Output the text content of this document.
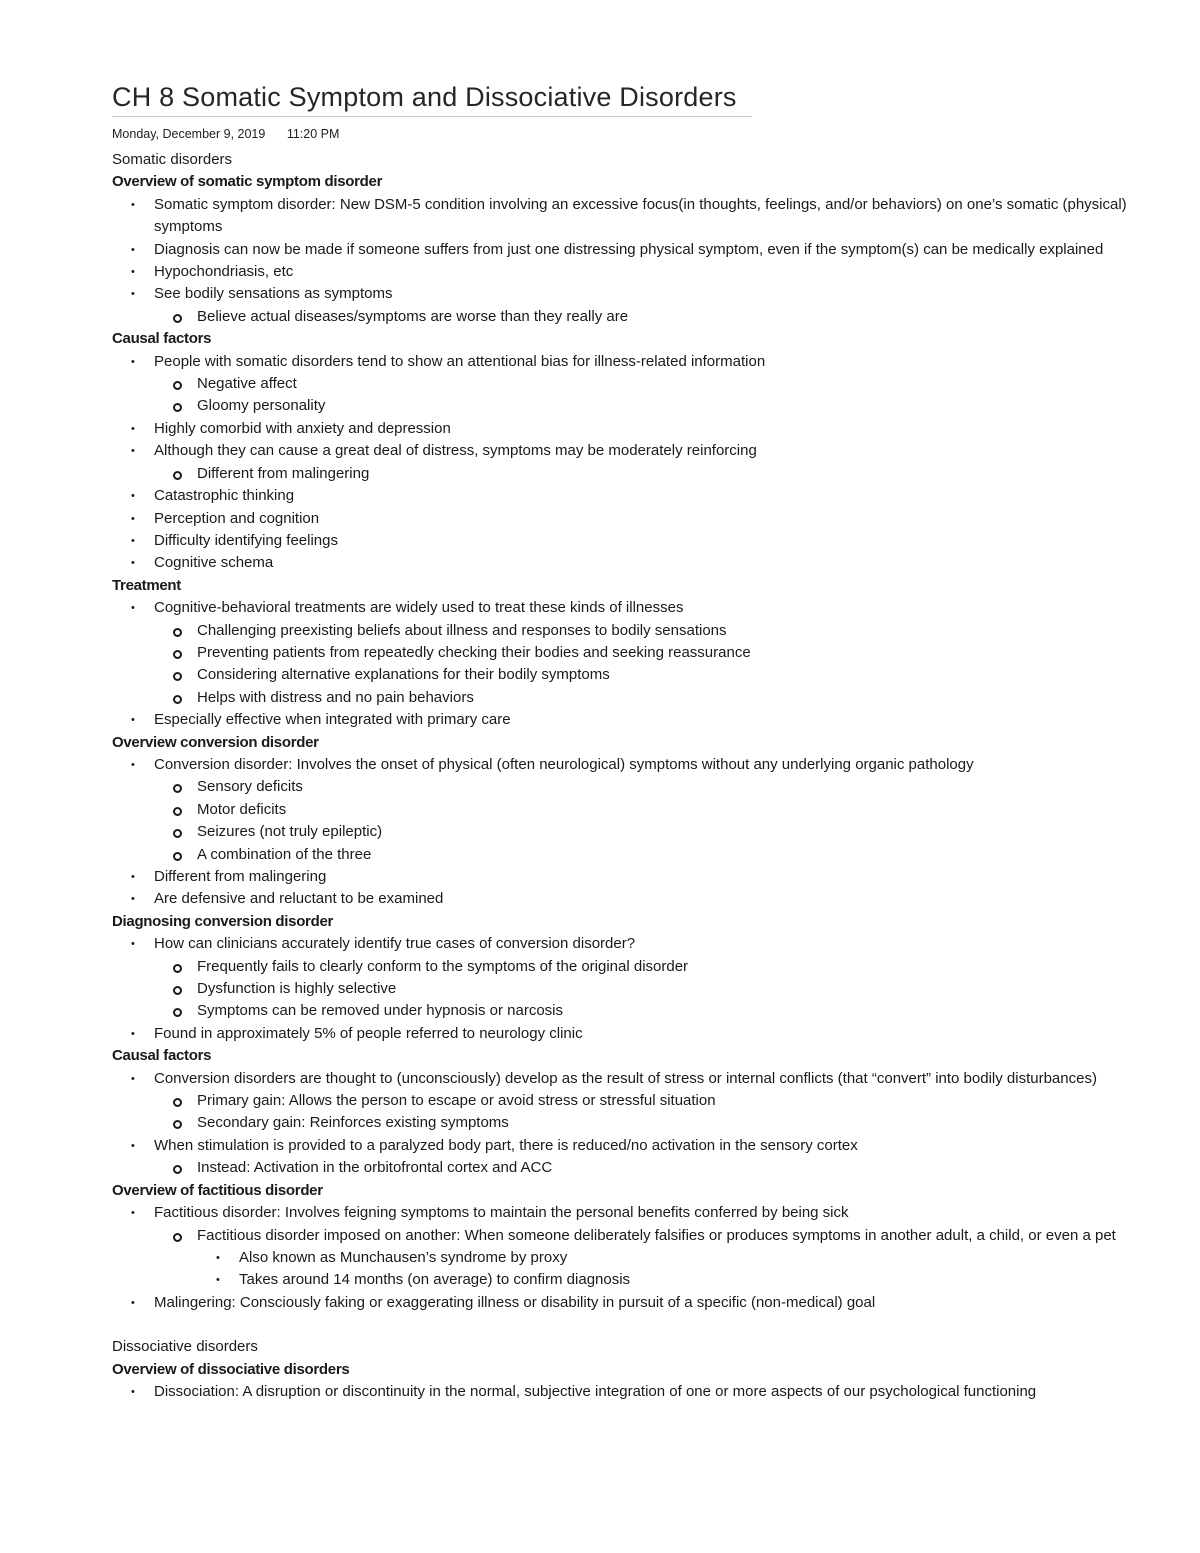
CH 8 Somatic Symptom and Dissociative Disorders
Monday, December 9, 2019 11:20 PM
Somatic disorders
Overview of somatic symptom disorder
• Somatic symptom disorder: New DSM-5 condition involving an excessive focus(in thoughts, feelings, and/or behaviors) on one’s somatic (physical) symptoms
• Diagnosis can now be made if someone suffers from just one distressing physical symptom, even if the symptom(s) can be medically explained
• Hypochondriasis, etc
• See bodily sensations as symptoms
Believe actual diseases/symptoms are worse than they really are
Causal factors
• People with somatic disorders tend to show an attentional bias for illness-related information
Negative affect
Gloomy personality
• Highly comorbid with anxiety and depression
• Although they can cause a great deal of distress, symptoms may be moderately reinforcing
Different from malingering
• Catastrophic thinking
• Perception and cognition
• Difficulty identifying feelings
• Cognitive schema
Treatment
• Cognitive-behavioral treatments are widely used to treat these kinds of illnesses
Challenging preexisting beliefs about illness and responses to bodily sensations
Preventing patients from repeatedly checking their bodies and seeking reassurance
Considering alternative explanations for their bodily symptoms
Helps with distress and no pain behaviors
• Especially effective when integrated with primary care
Overview conversion disorder
• Conversion disorder: Involves the onset of physical (often neurological) symptoms without any underlying organic pathology
Sensory deficits
Motor deficits
Seizures (not truly epileptic)
A combination of the three
• Different from malingering
• Are defensive and reluctant to be examined
Diagnosing conversion disorder
• How can clinicians accurately identify true cases of conversion disorder?
Frequently fails to clearly conform to the symptoms of the original disorder
Dysfunction is highly selective
Symptoms can be removed under hypnosis or narcosis
• Found in approximately 5% of people referred to neurology clinic
Causal factors
• Conversion disorders are thought to (unconsciously) develop as the result of stress or internal conflicts (that “convert” into bodily disturbances)
Primary gain: Allows the person to escape or avoid stress or stressful situation
Secondary gain: Reinforces existing symptoms
• When stimulation is provided to a paralyzed body part, there is reduced/no activation in the sensory cortex
Instead: Activation in the orbitofrontal cortex and ACC
Overview of factitious disorder
• Factitious disorder: Involves feigning symptoms to maintain the personal benefits conferred by being sick
Factitious disorder imposed on another: When someone deliberately falsifies or produces symptoms in another adult, a child, or even a pet
• Also known as Munchausen’s syndrome by proxy
• Takes around 14 months (on average) to confirm diagnosis
• Malingering: Consciously faking or exaggerating illness or disability in pursuit of a specific (non-medical) goal
Dissociative disorders
Overview of dissociative disorders
• Dissociation: A disruption or discontinuity in the normal, subjective integration of one or more aspects of our psychological functioning
